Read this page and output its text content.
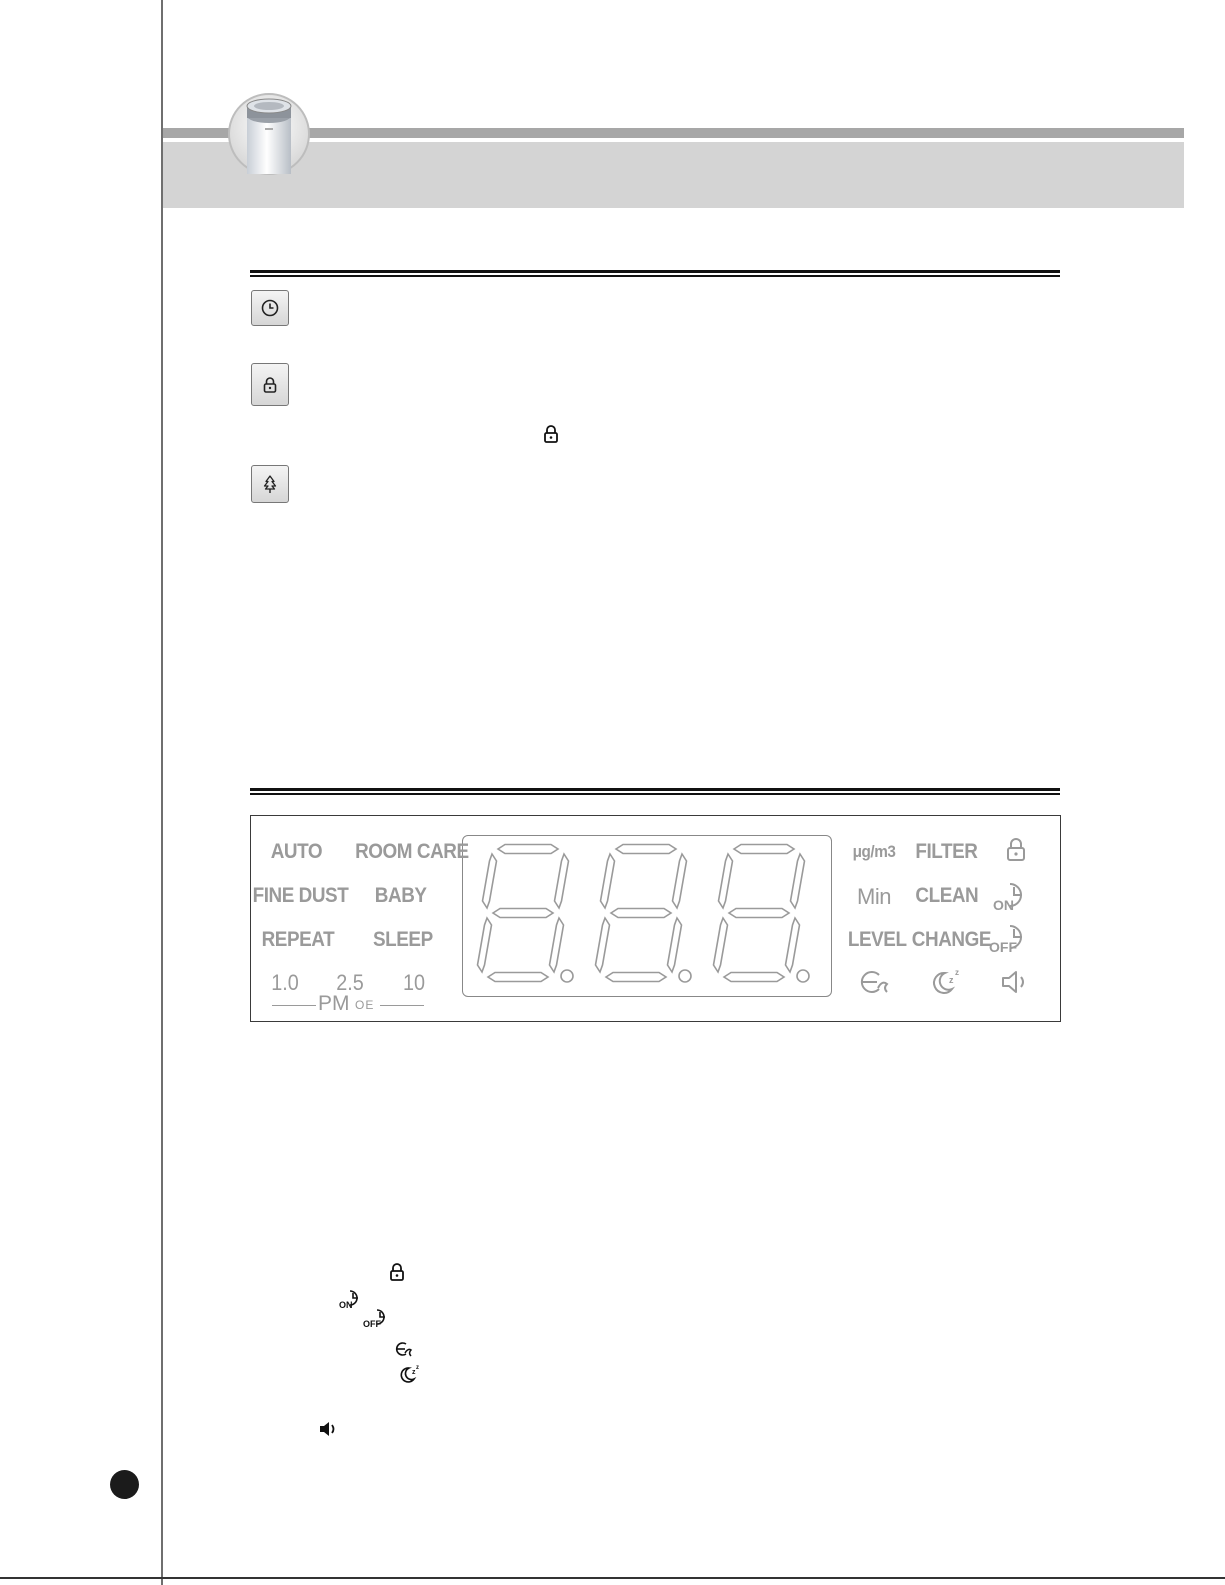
AUTO ROOM CARE
FINE DUST BABY
REPEAT SLEEP
1.0 2.5 10
PM OE
μg/m3 FILTER
Min	CLEAN
LEVEL CHANGE
ON
OFF
z
z
ON
OFF
z
z
